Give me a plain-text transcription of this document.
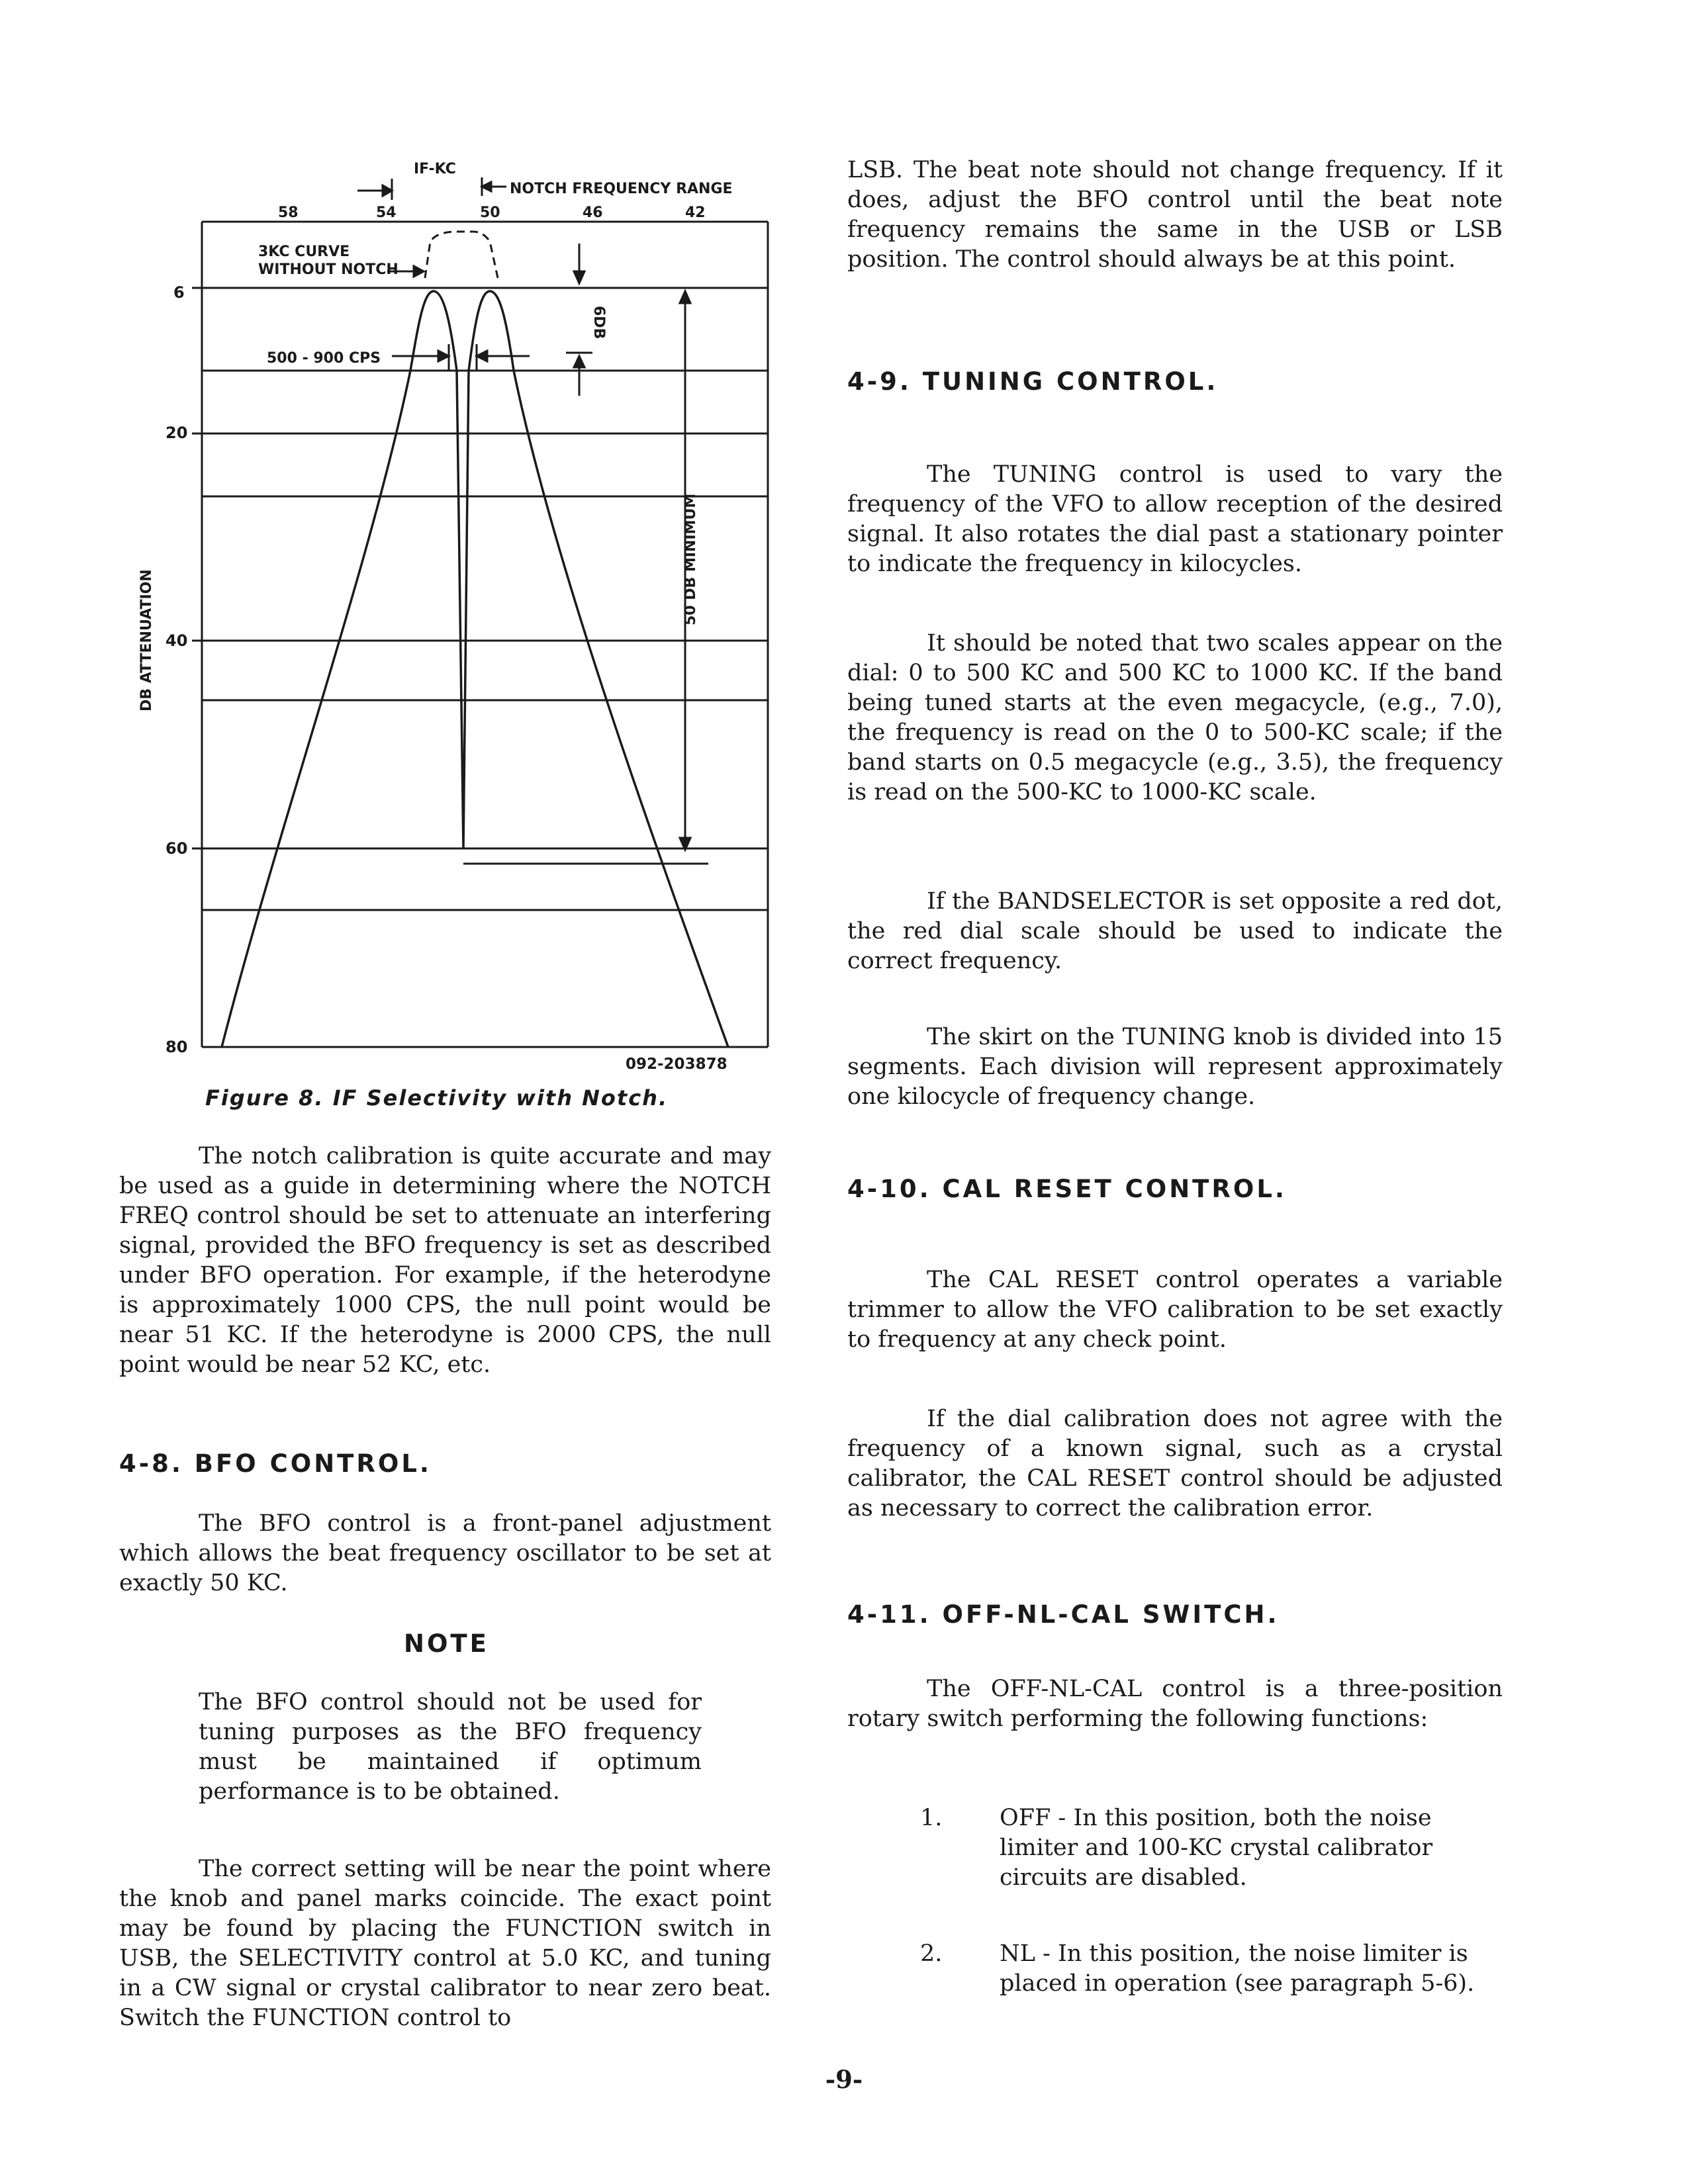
IF-KC
NOTCH FREQUENCY RANGE
58	54	50	46	42
6
20
40
60
80
DB ATTENUATION
3KC CURVE
WITHOUT NOTCH
500 - 900 CPS
6DB
50 DB MINIMUM
092-203878
Figure 8. IF Selectivity with Notch.

The notch calibration is quite accurate and may be used as a guide in determining where the NOTCH FREQ control should be set to attenuate an interfering signal, provided the BFO frequency is set as described under BFO operation. For example, if the heterodyne is approximately 1000 CPS, the null point would be near 51 KC. If the heterodyne is 2000 CPS, the null point would be near 52 KC, etc.

4-8. BFO CONTROL.

The BFO control is a front-panel adjustment which allows the beat frequency oscillator to be set at exactly 50 KC.

NOTE

The BFO control should not be used for tuning purposes as the BFO frequency must be maintained if optimum performance is to be obtained.

The correct setting will be near the point where the knob and panel marks coincide. The exact point may be found by placing the FUNCTION switch in USB, the SELECTIVITY control at 5.0 KC, and tuning in a CW signal or crystal calibrator to near zero beat. Switch the FUNCTION control to

LSB. The beat note should not change frequency. If it does, adjust the BFO control until the beat note frequency remains the same in the USB or LSB position. The control should always be at this point.

4-9. TUNING CONTROL.

The TUNING control is used to vary the frequency of the VFO to allow reception of the desired signal. It also rotates the dial past a stationary pointer to indicate the frequency in kilocycles.

It should be noted that two scales appear on the dial: 0 to 500 KC and 500 KC to 1000 KC. If the band being tuned starts at the even megacycle, (e.g., 7.0), the frequency is read on the 0 to 500-KC scale; if the band starts on 0.5 megacycle (e.g., 3.5), the frequency is read on the 500-KC to 1000-KC scale.

If the BANDSELECTOR is set opposite a red dot, the red dial scale should be used to indicate the correct frequency.

The skirt on the TUNING knob is divided into 15 segments. Each division will represent approximately one kilocycle of frequency change.

4-10. CAL RESET CONTROL.

The CAL RESET control operates a variable trimmer to allow the VFO calibration to be set exactly to frequency at any check point.

If the dial calibration does not agree with the frequency of a known signal, such as a crystal calibrator, the CAL RESET control should be adjusted as necessary to correct the calibration error.

4-11. OFF-NL-CAL SWITCH.

The OFF-NL-CAL control is a three-position rotary switch performing the following functions:

1. OFF - In this position, both the noise limiter and 100-KC crystal calibrator circuits are disabled.
2. NL - In this position, the noise limiter is placed in operation (see paragraph 5-6).
-9-
